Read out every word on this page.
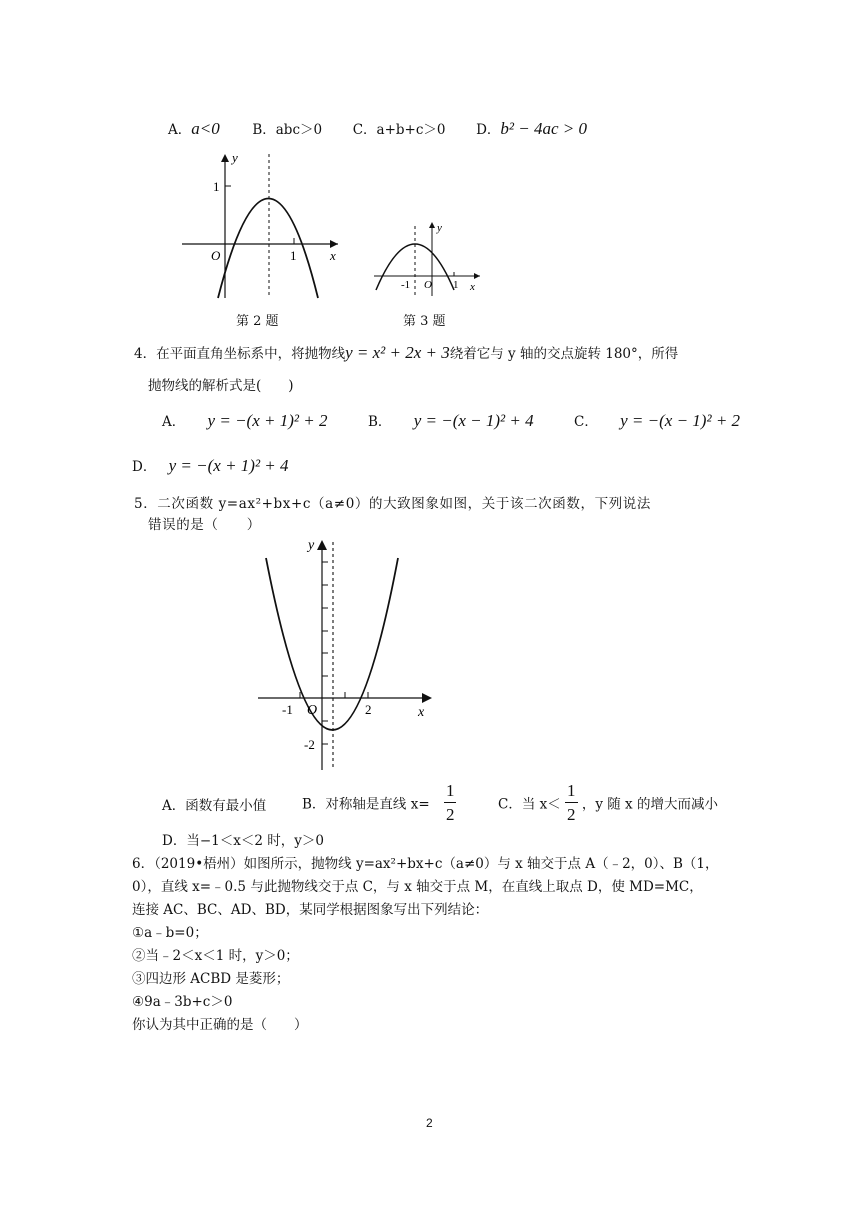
A．a<0 B．abc＞0 C．a+b+c＞0 D．b² − 4ac > 0
y
x
O
1
1
第 2 题
y
x
O
-1	1
第 3 题
4．在平面直角坐标系中，将抛物线y = x² + 2x + 3绕着它与 y 轴的交点旋转 180°，所得
抛物线的解析式是(　　)
A． y = −(x + 1)² + 2	B． y = −(x − 1)² + 4	C． y = −(x − 1)² + 2
D． y = −(x + 1)² + 4
5．二次函数 y=ax²+bx+c（a≠0）的大致图象如图，关于该二次函数，下列说法
错误的是（　　）
y
x
O
-1	2
-2
A．函数有最小值	B．对称轴是直线 $x= \frac{1}{2}$	C．当 $x< \frac{1}{2}$ ，y 随 x 的增大而减小
D．当−1＜x＜2 时，y＞0
6．（2019•梧州）如图所示，抛物线 y=ax²+bx+c（a≠0）与 x 轴交于点 A（﹣2，0）、B（1，
0），直线 x=﹣0.5 与此抛物线交于点 C，与 x 轴交于点 M，在直线上取点 D，使 MD=MC，
连接 AC、BC、AD、BD，某同学根据图象写出下列结论：
①a﹣b=0；
②当﹣2＜x＜1 时，y＞0；
③四边形 ACBD 是菱形；
④9a﹣3b+c＞0
你认为其中正确的是（　　）
2
